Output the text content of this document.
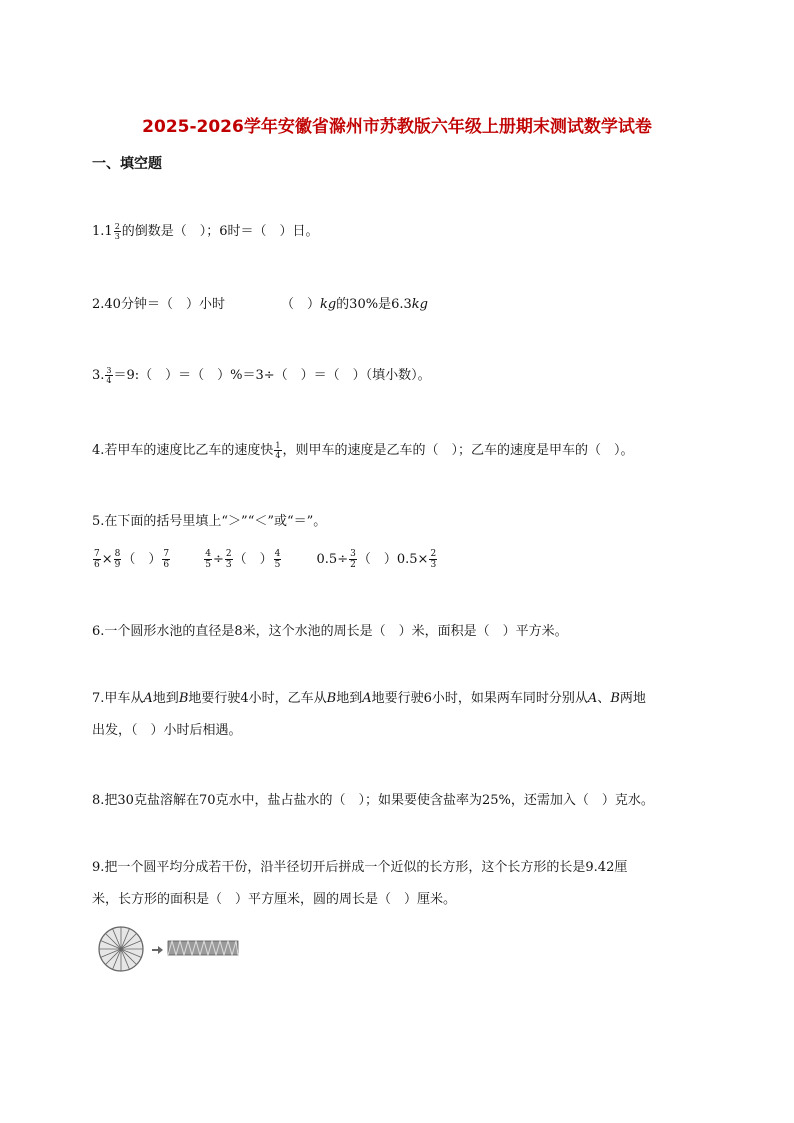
2025-2026学年安徽省滁州市苏教版六年级上册期末测试数学试卷
一、填空题
$1.1 \frac{2}{3}$ 的倒数是（　）；6时＝（　）日。
2.40分钟＝（　）小时	（　）kg的30%是6.3kg
3. $\frac{3}{4}$ ＝9:（　）＝（　）%＝3÷（　）＝（　）（填小数）。
4.若甲车的速度比乙车的速度快 $\frac{1}{4}$ ，则甲车的速度是乙车的（　）；乙车的速度是甲车的（　）。
5.在下面的括号里填上“＞”“＜”或“＝”。
$\frac{7}{6} \times \frac{8}{9}$ （　） $\frac{7}{6}$
	$\frac{4}{5} \div \frac{2}{3}$ （　） $\frac{4}{5}$	$0.5\div \frac{3}{2}$ （　）$0.5\times \frac{2}{3}$
6.一个圆形水池的直径是8米，这个水池的周长是（　）米，面积是（　）平方米。
7.甲车从A地到B地要行驶4小时，乙车从B地到A地要行驶6小时，如果两车同时分别从A、B两地
出发，（　）小时后相遇。
8.把30克盐溶解在70克水中，盐占盐水的（　）；如果要使含盐率为25%，还需加入（　）克水。
9.把一个圆平均分成若干份，沿半径切开后拼成一个近似的长方形，这个长方形的长是9.42厘
米，长方形的面积是（　）平方厘米，圆的周长是（　）厘米。
